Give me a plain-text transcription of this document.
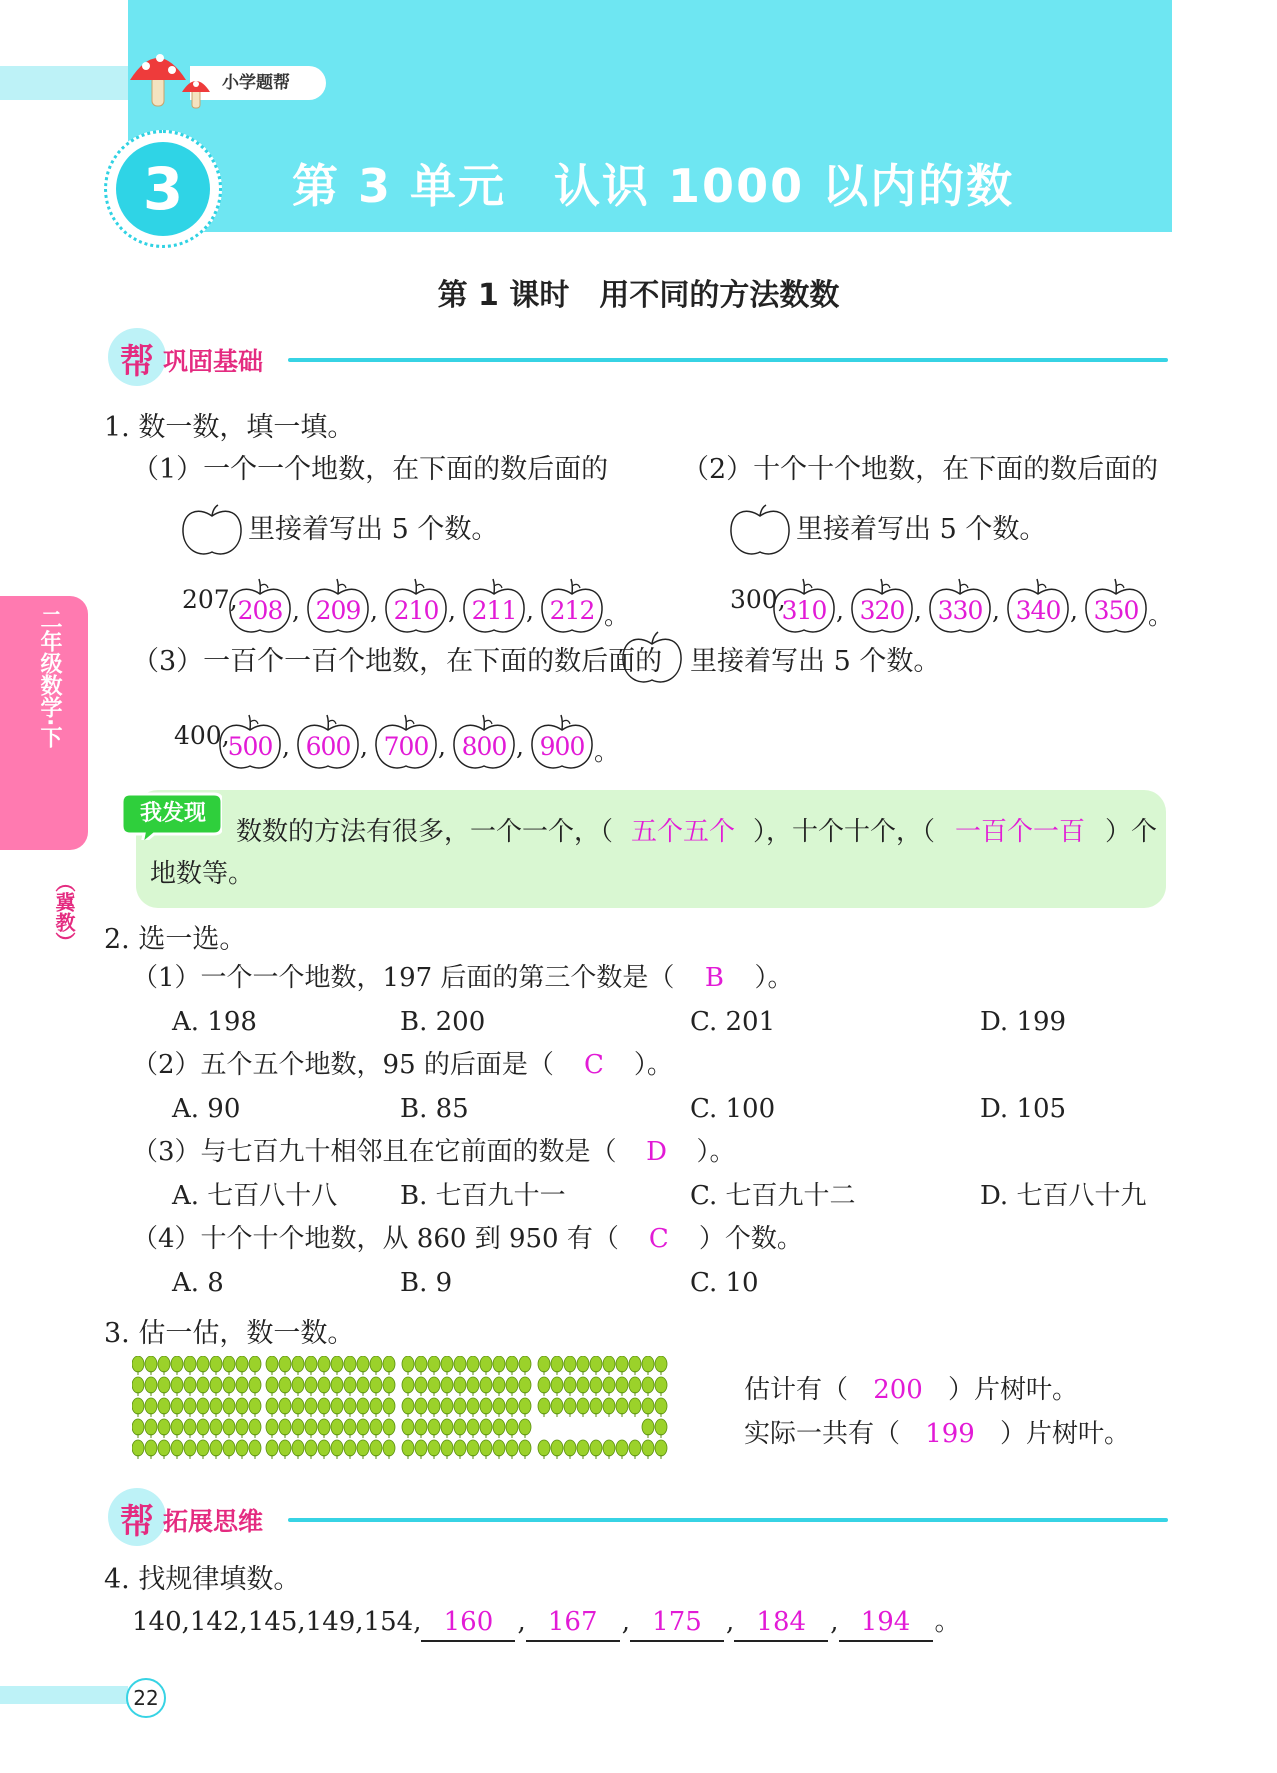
小学题帮
3	第 3 单元　认识 1000 以内的数
第 1 课时　用不同的方法数数
帮 巩固基础
二年级数学·下
（冀教）
1. 数一数，填一填。
（1）一个一个地数，在下面的数后面的
里接着写出 5 个数。
（2）十个十个地数，在下面的数后面的
里接着写出 5 个数。
207, 208 , 209 , 210 , 211 , 212 。
300,
310 , 320 , 330 , 340 , 350 。
（3）一百个一百个地数，在下面的数后面的 里接着写出 5 个数。
400,
500 , 600 , 700 , 800 , 900 。
我发现
数数的方法有很多，一个一个，（ 五个五个 ），十个十个，（ 一百个一百 ）个
地数等。
2. 选一选。
（1）一个一个地数，197 后面的第三个数是（ B ）。
A. 198	B. 200	C. 201	D. 199
（2）五个五个地数，95 的后面是（ C ）。
A. 90	B. 85	C. 100	D. 105
（3）与七百九十相邻且在它前面的数是（ D ）。
A. 七百八十八 B. 七百九十一	C. 七百九十二	D. 七百八十九
（4）十个十个地数，从 860 到 950 有（ C ）个数。
A. 8	B. 9	C. 10
3. 估一估，数一数。
估计有（ 200 ）片树叶。
实际一共有（ 199 ）片树叶。
帮 拓展思维
4. 找规律填数。
140,142,145,149,154, 160 , 167 , 175 , 184 , 194 。
22
